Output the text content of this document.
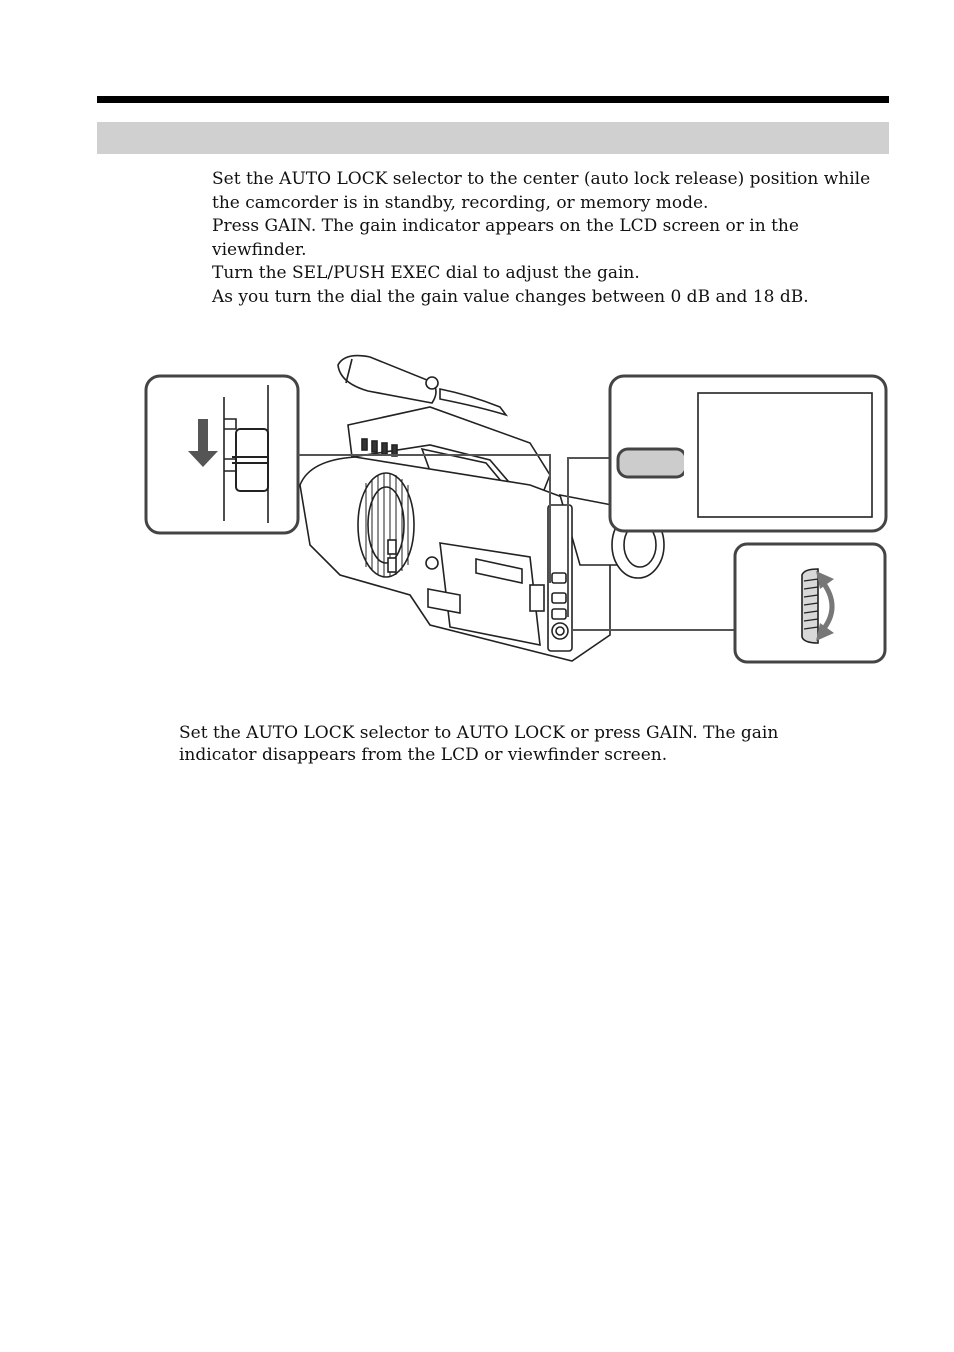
Set the AUTO LOCK selector to the center (auto lock release) position while the camcorder is in standby, recording, or memory mode.

Press GAIN. The gain indicator appears on the LCD screen or in the viewfinder.

Turn the SEL/PUSH EXEC dial to adjust the gain.

As you turn the dial the gain value changes between 0 dB and 18 dB.

Set the AUTO LOCK selector to AUTO LOCK or press GAIN. The gain indicator disappears from the LCD or viewfinder screen.
